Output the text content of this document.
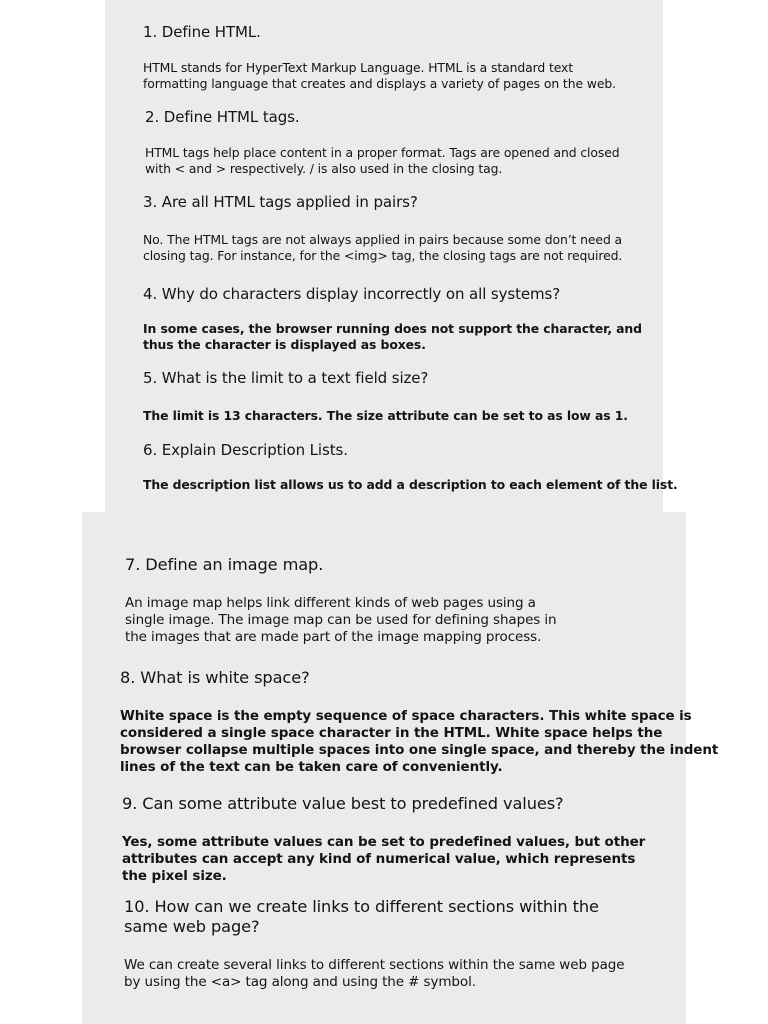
1. Define HTML.

HTML stands for HyperText Markup Language. HTML is a standard text
formatting language that creates and displays a variety of pages on the web.

2. Define HTML tags.

HTML tags help place content in a proper format. Tags are opened and closed
with < and > respectively. / is also used in the closing tag.

3. Are all HTML tags applied in pairs?

No. The HTML tags are not always applied in pairs because some don’t need a
closing tag. For instance, for the <img> tag, the closing tags are not required.

4. Why do characters display incorrectly on all systems?

In some cases, the browser running does not support the character, and
thus the character is displayed as boxes.

5. What is the limit to a text field size?

The limit is 13 characters. The size attribute can be set to as low as 1.

6. Explain Description Lists.

The description list allows us to add a description to each element of the list.

7. Define an image map.

An image map helps link different kinds of web pages using a
single image. The image map can be used for defining shapes in
the images that are made part of the image mapping process.

8. What is white space?

White space is the empty sequence of space characters. This white space is
considered a single space character in the HTML. White space helps the
browser collapse multiple spaces into one single space, and thereby the indent
lines of the text can be taken care of conveniently.

9. Can some attribute value best to predefined values?

Yes, some attribute values can be set to predefined values, but other
attributes can accept any kind of numerical value, which represents
the pixel size.

10. How can we create links to different sections within the
same web page?

We can create several links to different sections within the same web page
by using the <a> tag along and using the # symbol.
